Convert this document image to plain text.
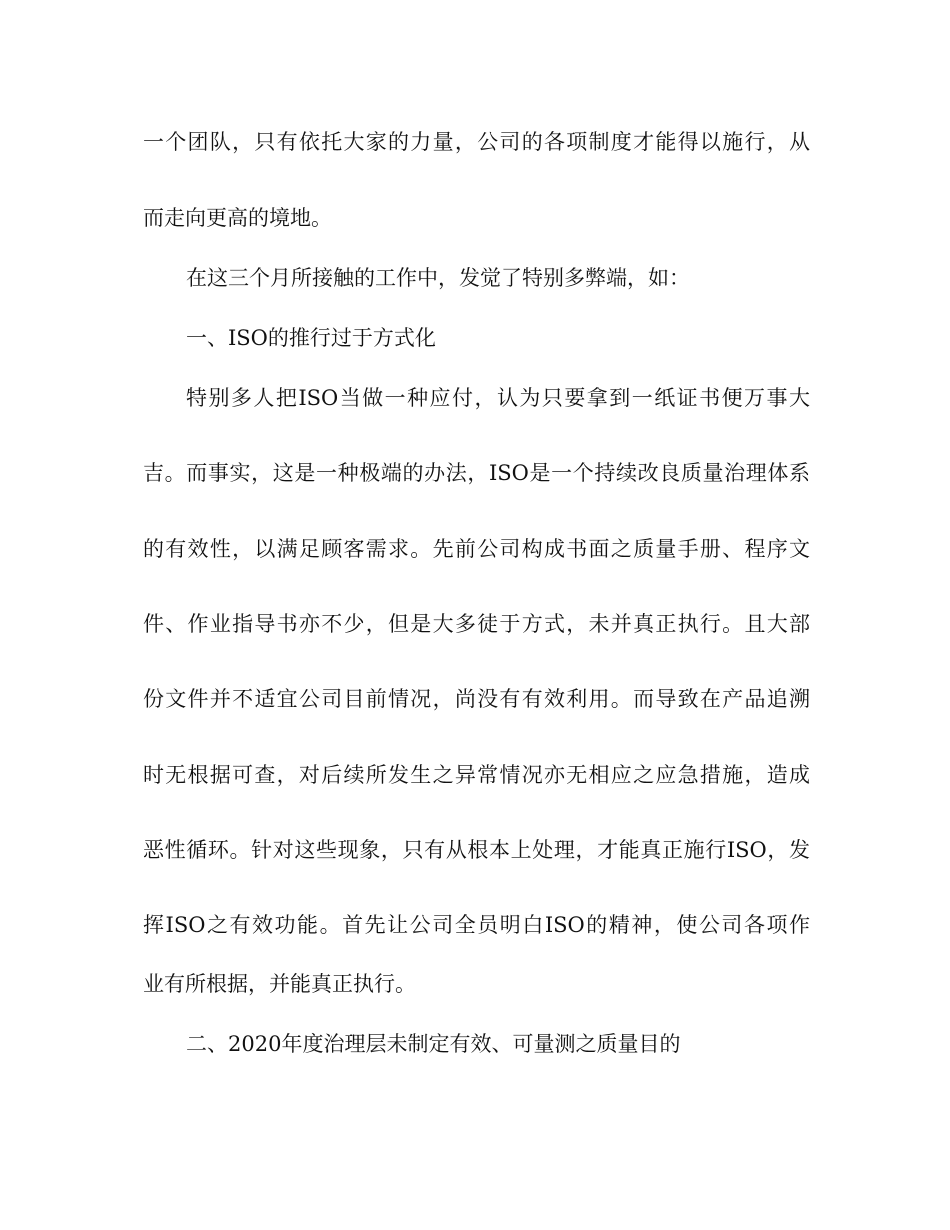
一个团队，只有依托大家的力量，公司的各项制度才能得以施行，从
而走向更高的境地。
在这三个月所接触的工作中，发觉了特别多弊端，如：
一、ISO的推行过于方式化
特别多人把ISO当做一种应付，认为只要拿到一纸证书便万事大
吉。而事实，这是一种极端的办法，ISO是一个持续改良质量治理体系
的有效性，以满足顾客需求。先前公司构成书面之质量手册、程序文
件、作业指导书亦不少，但是大多徒于方式，未并真正执行。且大部
份文件并不适宜公司目前情况，尚没有有效利用。而导致在产品追溯
时无根据可查，对后续所发生之异常情况亦无相应之应急措施，造成
恶性循环。针对这些现象，只有从根本上处理，才能真正施行ISO，发
挥ISO之有效功能。首先让公司全员明白ISO的精神，使公司各项作
业有所根据，并能真正执行。
二、2020年度治理层未制定有效、可量测之质量目的
